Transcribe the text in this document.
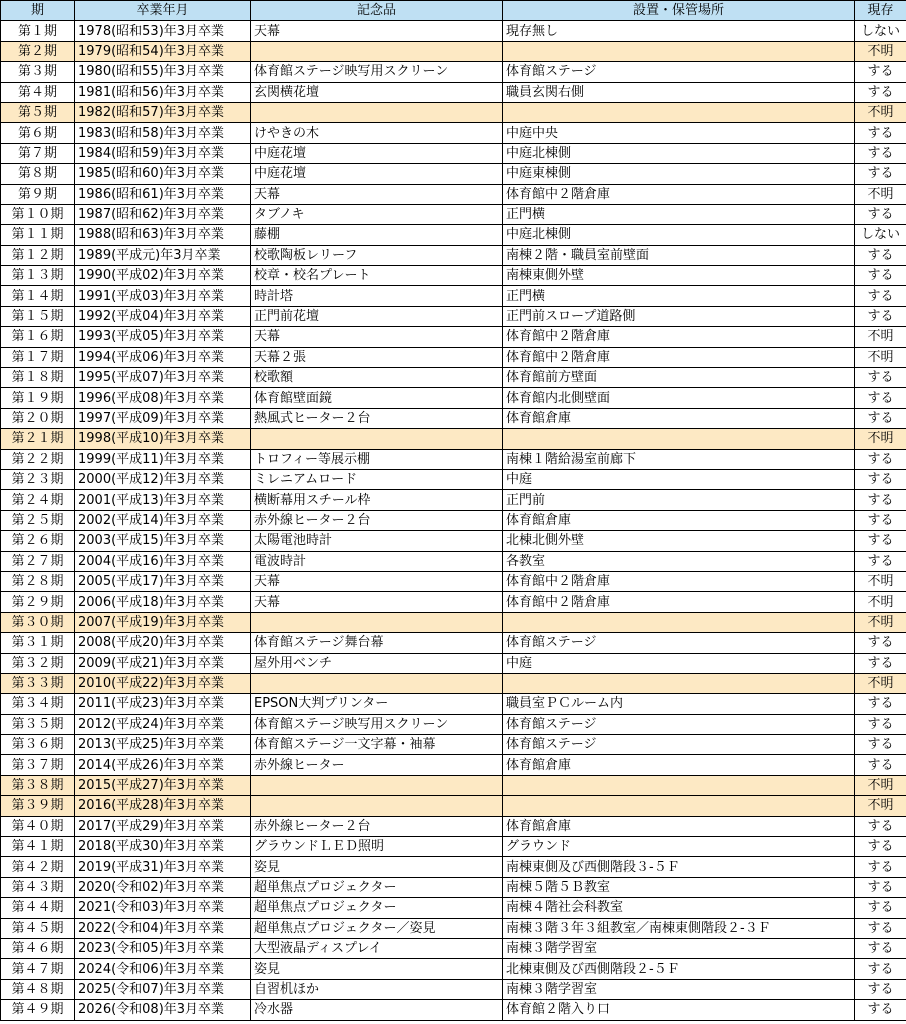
期	卒業年月	記念品	設置・保管場所	現存
第１期	1978(昭和53)年3月卒業	天幕	現存無し	しない
第２期	1979(昭和54)年3月卒業			不明
第３期	1980(昭和55)年3月卒業	体育館ステージ映写用スクリーン	体育館ステージ	する
第４期	1981(昭和56)年3月卒業	玄関横花壇	職員玄関右側	する
第５期	1982(昭和57)年3月卒業			不明
第６期	1983(昭和58)年3月卒業	けやきの木	中庭中央	する
第７期	1984(昭和59)年3月卒業	中庭花壇	中庭北棟側	する
第８期	1985(昭和60)年3月卒業	中庭花壇	中庭東棟側	する
第９期	1986(昭和61)年3月卒業	天幕	体育館中２階倉庫	不明
第１０期	1987(昭和62)年3月卒業	タブノキ	正門横	する
第１１期	1988(昭和63)年3月卒業	藤棚	中庭北棟側	しない
第１２期	1989(平成元)年3月卒業	校歌陶板レリーフ	南棟２階・職員室前壁面	する
第１３期	1990(平成02)年3月卒業	校章・校名プレート	南棟東側外壁	する
第１４期	1991(平成03)年3月卒業	時計塔	正門横	する
第１５期	1992(平成04)年3月卒業	正門前花壇	正門前スロープ道路側	する
第１６期	1993(平成05)年3月卒業	天幕	体育館中２階倉庫	不明
第１７期	1994(平成06)年3月卒業	天幕２張	体育館中２階倉庫	不明
第１８期	1995(平成07)年3月卒業	校歌額	体育館前方壁面	する
第１９期	1996(平成08)年3月卒業	体育館壁面鏡	体育館内北側壁面	する
第２０期	1997(平成09)年3月卒業	熱風式ヒーター２台	体育館倉庫	する
第２１期	1998(平成10)年3月卒業			不明
第２２期	1999(平成11)年3月卒業	トロフィー等展示棚	南棟１階給湯室前廊下	する
第２３期	2000(平成12)年3月卒業	ミレニアムロード	中庭	する
第２４期	2001(平成13)年3月卒業	横断幕用スチール枠	正門前	する
第２５期	2002(平成14)年3月卒業	赤外線ヒーター２台	体育館倉庫	する
第２６期	2003(平成15)年3月卒業	太陽電池時計	北棟北側外壁	する
第２７期	2004(平成16)年3月卒業	電波時計	各教室	する
第２８期	2005(平成17)年3月卒業	天幕	体育館中２階倉庫	不明
第２９期	2006(平成18)年3月卒業	天幕	体育館中２階倉庫	不明
第３０期	2007(平成19)年3月卒業			不明
第３１期	2008(平成20)年3月卒業	体育館ステージ舞台幕	体育館ステージ	する
第３２期	2009(平成21)年3月卒業	屋外用ベンチ	中庭	する
第３３期	2010(平成22)年3月卒業			不明
第３４期	2011(平成23)年3月卒業	EPSON大判プリンター	職員室ＰＣルーム内	する
第３５期	2012(平成24)年3月卒業	体育館ステージ映写用スクリーン	体育館ステージ	する
第３６期	2013(平成25)年3月卒業	体育館ステージ一文字幕・袖幕	体育館ステージ	する
第３７期	2014(平成26)年3月卒業	赤外線ヒーター	体育館倉庫	する
第３８期	2015(平成27)年3月卒業			不明
第３９期	2016(平成28)年3月卒業			不明
第４０期	2017(平成29)年3月卒業	赤外線ヒーター２台	体育館倉庫	する
第４１期	2018(平成30)年3月卒業	グラウンドＬＥＤ照明	グラウンド	する
第４２期	2019(平成31)年3月卒業	姿見	南棟東側及び西側階段３-５Ｆ	する
第４３期	2020(令和02)年3月卒業	超単焦点プロジェクター	南棟５階５Ｂ教室	する
第４４期	2021(令和03)年3月卒業	超単焦点プロジェクター	南棟４階社会科教室	する
第４５期	2022(令和04)年3月卒業	超単焦点プロジェクター／姿見	南棟３階３年３組教室／南棟東側階段２-３Ｆ	する
第４６期	2023(令和05)年3月卒業	大型液晶ディスプレイ	南棟３階学習室	する
第４７期	2024(令和06)年3月卒業	姿見	北棟東側及び西側階段２-５Ｆ	する
第４８期	2025(令和07)年3月卒業	自習机ほか	南棟３階学習室	する
第４９期	2026(令和08)年3月卒業	冷水器	体育館２階入り口	する
